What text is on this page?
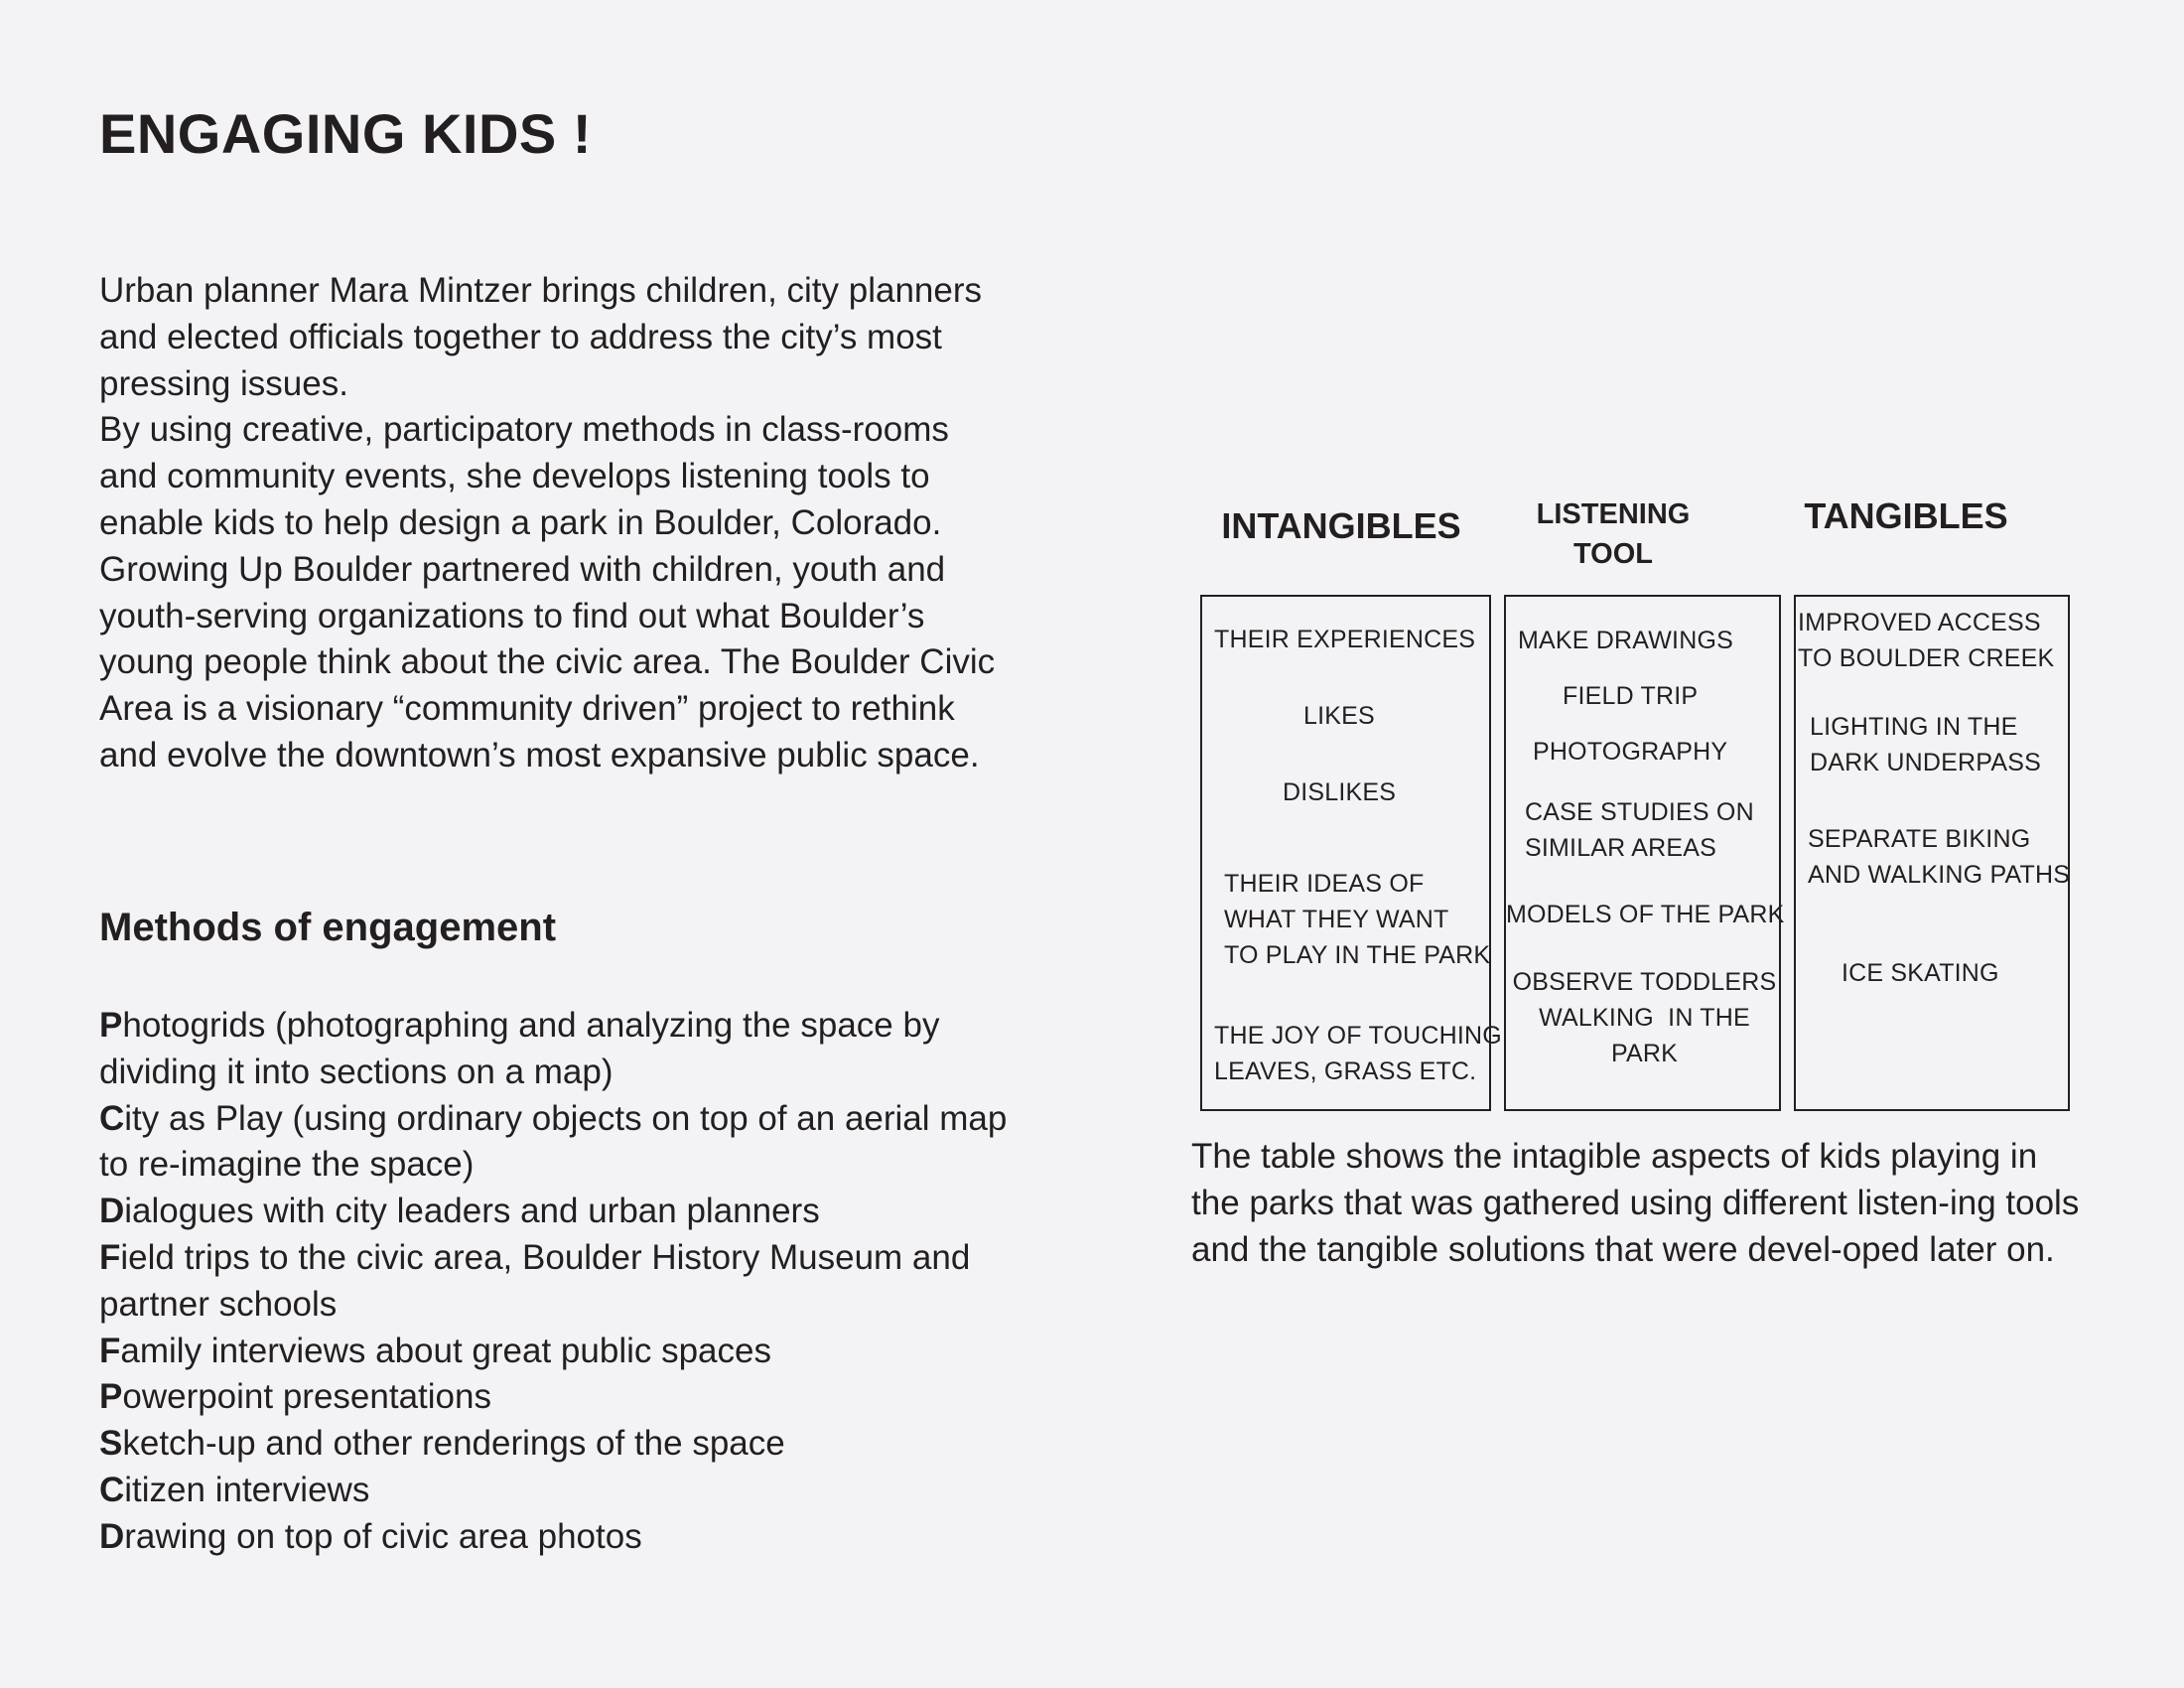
ENGAGING KIDS !

Urban planner Mara Mintzer brings children, city planners and elected officials together to address the city’s most pressing issues.

By using creative, participatory methods in class-rooms and community events, she develops listening tools to enable kids to help design a park in Boulder, Colorado.

Growing Up Boulder partnered with children, youth and youth-serving organizations to find out what Boulder’s young people think about the civic area. The Boulder Civic Area is a visionary “community driven” project to rethink and evolve the downtown’s most expansive public space.

Methods of engagement
Photogrids (photographing and analyzing the space by dividing it into sections on a map)
City as Play (using ordinary objects on top of an aerial map to re-imagine the space)
Dialogues with city leaders and urban planners
Field trips to the civic area, Boulder History Museum and partner schools
Family interviews about great public spaces
Powerpoint presentations
Sketch-up and other renderings of the space
Citizen interviews
Drawing on top of civic area photos
INTANGIBLES	LISTENING
TOOL
TANGIBLES
THEIR EXPERIENCES
LIKES
DISLIKES
THEIR IDEAS OF
WHAT THEY WANT
TO PLAY IN THE PARK
THE JOY OF TOUCHING
LEAVES, GRASS ETC.
MAKE DRAWINGS
FIELD TRIP
PHOTOGRAPHY
CASE STUDIES ON
SIMILAR AREAS
MODELS OF THE PARK
OBSERVE TODDLERS
WALKING  IN THE
PARK
IMPROVED ACCESS
TO BOULDER CREEK
LIGHTING IN THE
DARK UNDERPASS
SEPARATE BIKING
AND WALKING PATHS
ICE SKATING
The table shows the intagible aspects of kids playing in the parks that was gathered using different listen-ing tools and the tangible solutions that were devel-oped later on.
